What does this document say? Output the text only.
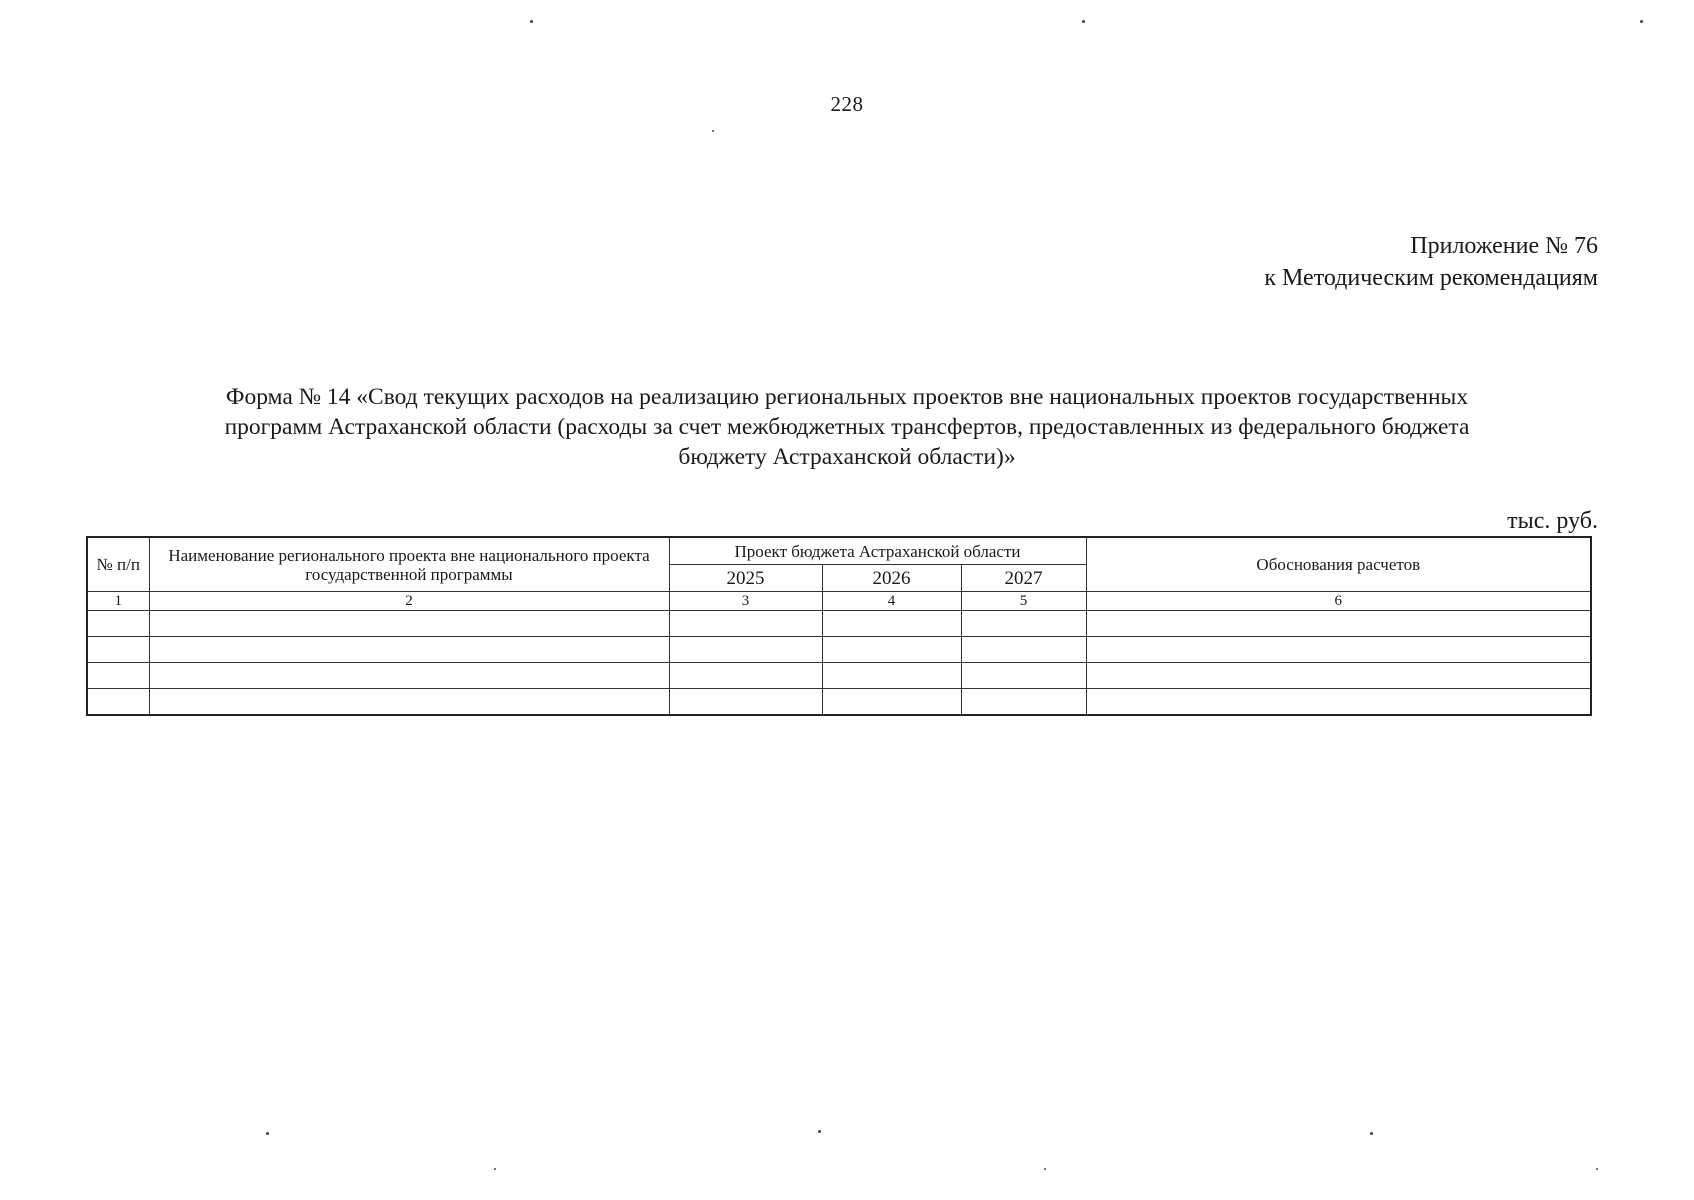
228
Приложение № 76
к Методическим рекомендациям
Форма № 14 «Свод текущих расходов на реализацию региональных проектов вне национальных проектов государственных
программ Астраханской области (расходы за счет межбюджетных трансфертов, предоставленных из федерального бюджета
бюджету Астраханской области)»
тыс. руб.
№ п/п	Наименование регионального проекта вне национального проекта государственной программы	Проект бюджета Астраханской области			Обоснования расчетов
		2025	2026	2027	
1	2	3	4	5	6
